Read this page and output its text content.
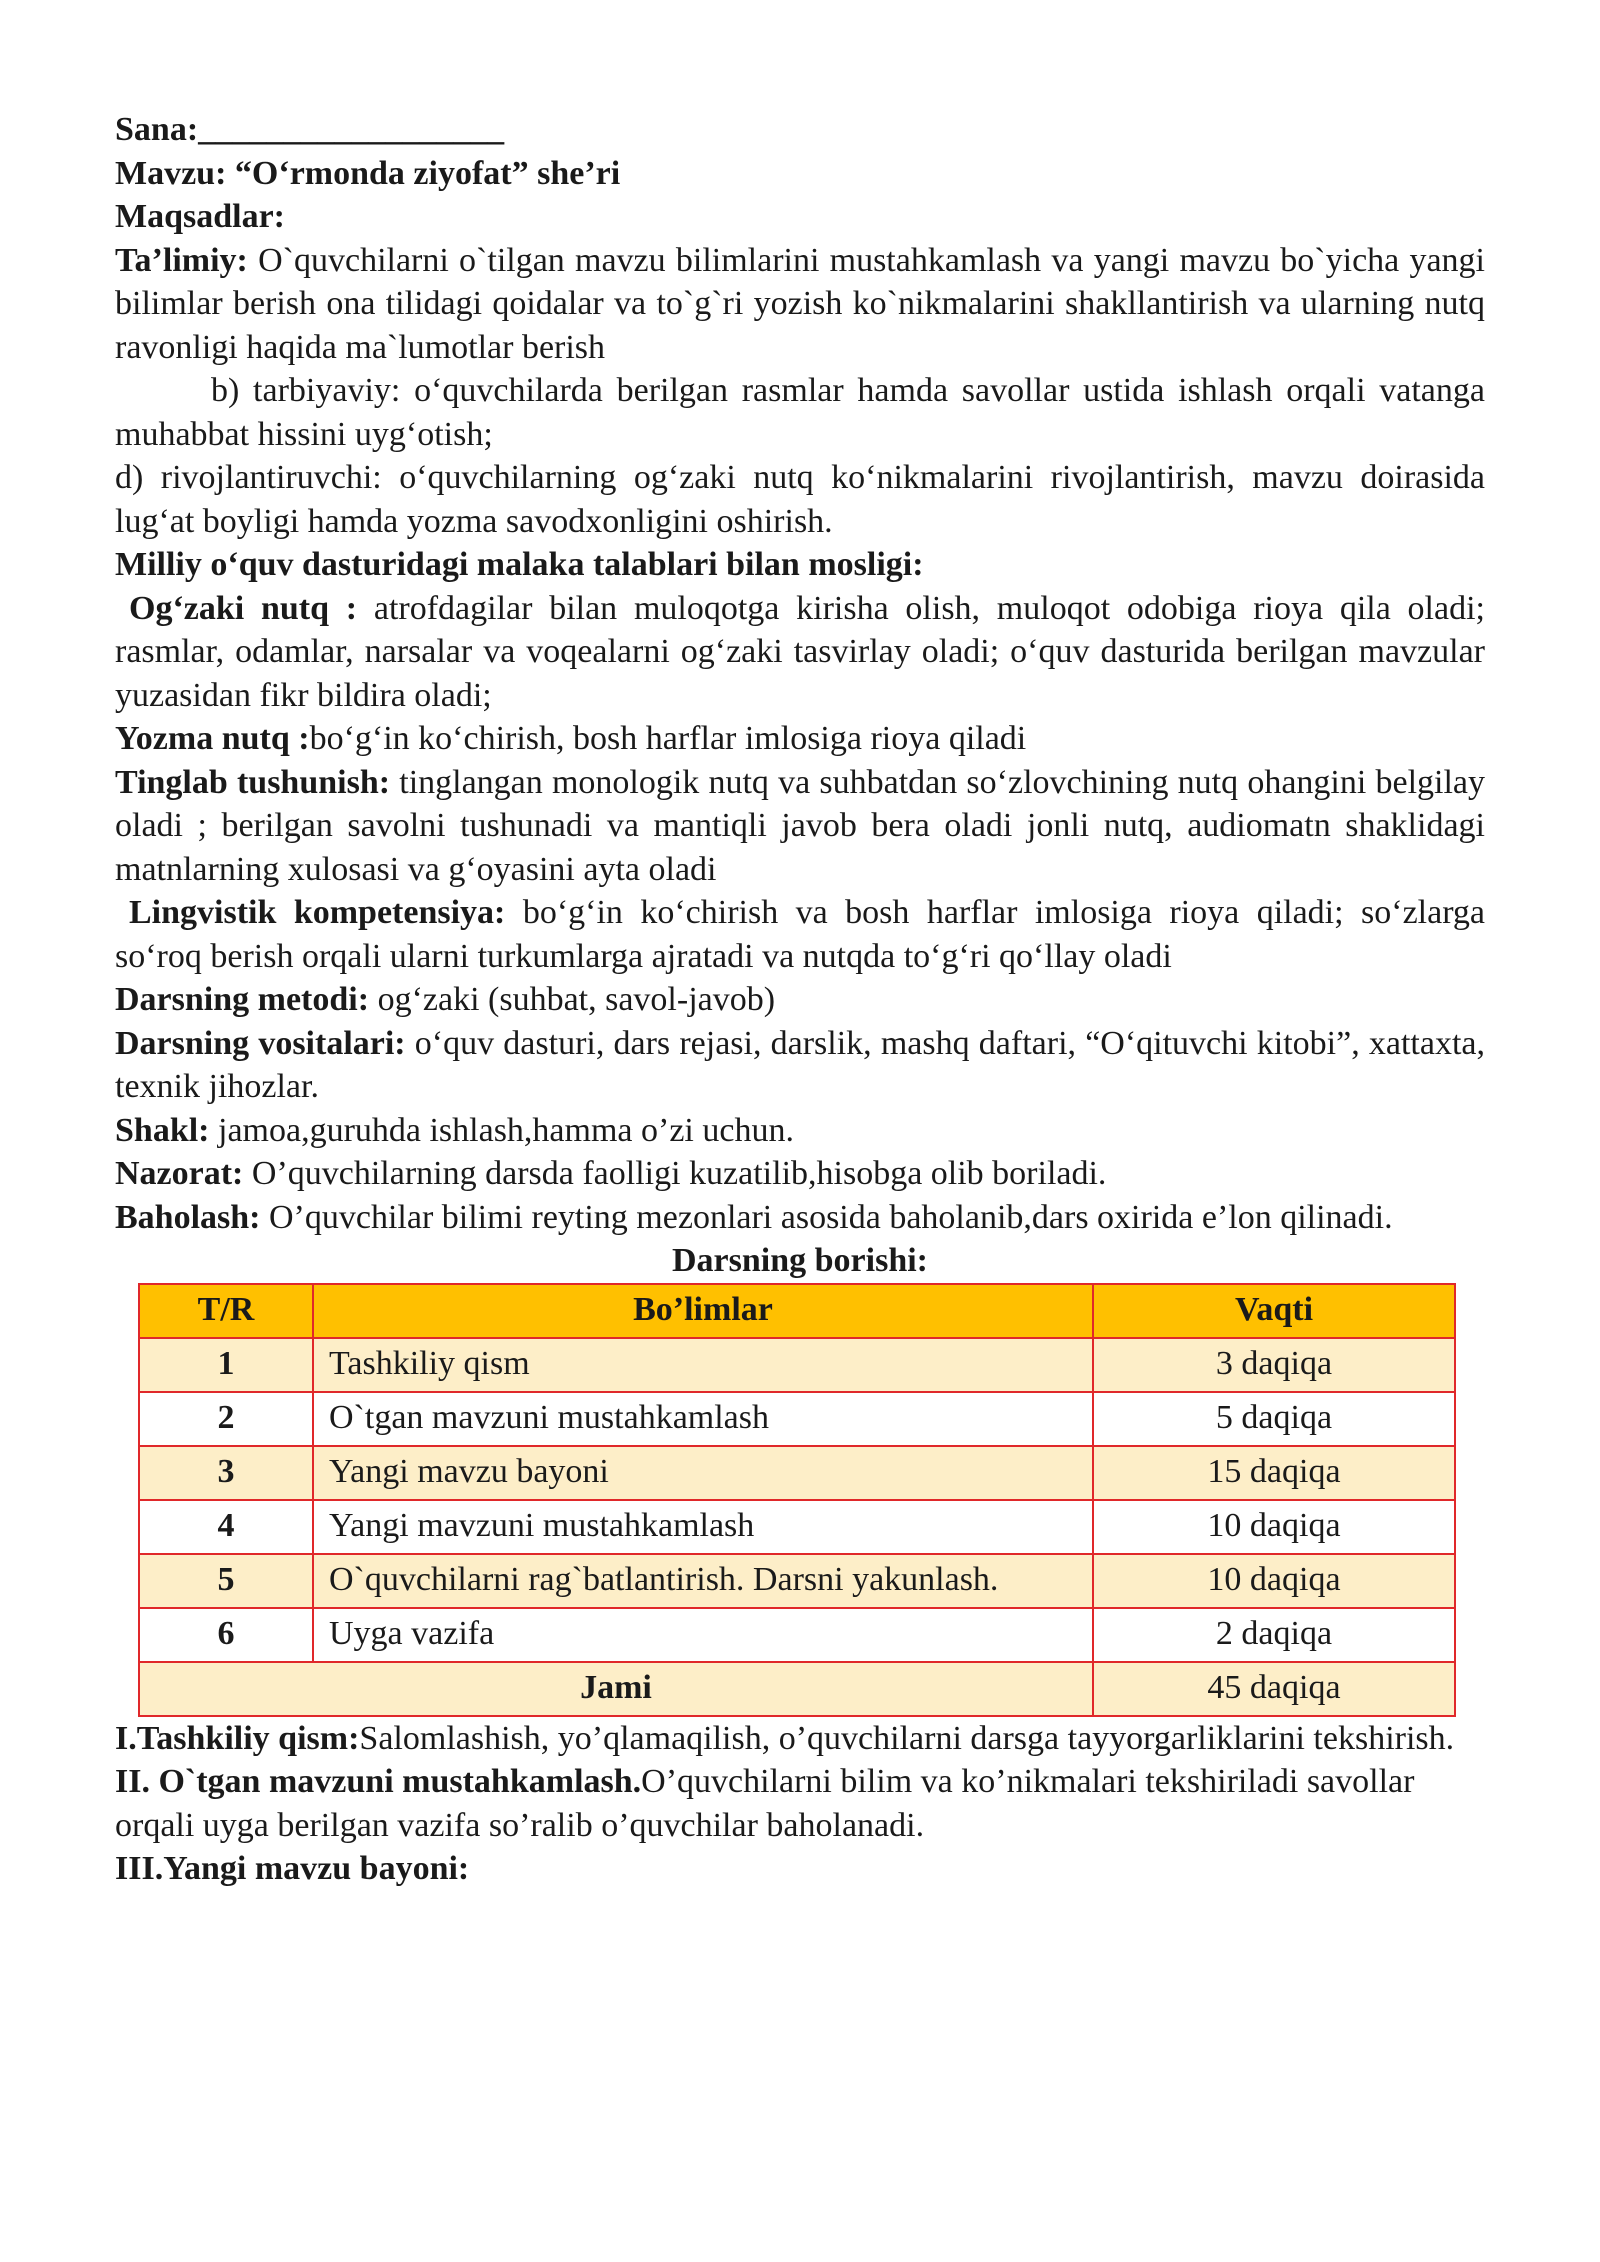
Sana:__________________

Mavzu: “O‘rmonda ziyofat” she’ri

Maqsadlar:

Ta’limiy: O`quvchilarni o`tilgan mavzu bilimlarini mustahkamlash va yangi mavzu bo`yicha yangi bilimlar berish ona tilidagi qoidalar va to`g`ri yozish ko`nikmalarini shakllantirish va ularning nutq ravonligi haqida ma`lumotlar berish

b) tarbiyaviy: o‘quvchilarda berilgan rasmlar hamda savollar ustida ishlash orqali vatanga muhabbat hissini uyg‘otish;

d) rivojlantiruvchi: o‘quvchilarning og‘zaki nutq ko‘nikmalarini rivojlantirish, mavzu doirasida lug‘at boyligi hamda yozma savodxonligini oshirish.

Milliy o‘quv dasturidagi malaka talablari bilan mosligi:

Og‘zaki nutq : atrofdagilar bilan muloqotga kirisha olish, muloqot odobiga rioya qila oladi; rasmlar, odamlar, narsalar va voqealarni og‘zaki tasvirlay oladi; o‘quv dasturida berilgan mavzular yuzasidan fikr bildira oladi;

Yozma nutq :bo‘g‘in ko‘chirish, bosh harflar imlosiga rioya qiladi

Tinglab tushunish: tinglangan monologik nutq va suhbatdan so‘zlovchining nutq ohangini belgilay oladi ; berilgan savolni tushunadi va mantiqli javob bera oladi jonli nutq, audiomatn shaklidagi matnlarning xulosasi va g‘oyasini ayta oladi

Lingvistik kompetensiya: bo‘g‘in ko‘chirish va bosh harflar imlosiga rioya qiladi; so‘zlarga so‘roq berish orqali ularni turkumlarga ajratadi va nutqda to‘g‘ri qo‘llay oladi

Darsning metodi: og‘zaki (suhbat, savol-javob)

Darsning vositalari: o‘quv dasturi, dars rejasi, darslik, mashq daftari, “O‘qituvchi kitobi”, xattaxta, texnik jihozlar.

Shakl: jamoa,guruhda ishlash,hamma o’zi uchun.

Nazorat: O’quvchilarning darsda faolligi kuzatilib,hisobga olib boriladi.

Baholash: O’quvchilar bilimi reyting mezonlari asosida baholanib,dars oxirida e’lon qilinadi.

Darsning borishi:

T/R	Bo’limlar	Vaqti
1	Tashkiliy qism	3 daqiqa
2	O`tgan mavzuni mustahkamlash	5 daqiqa
3	Yangi mavzu bayoni	15 daqiqa
4	Yangi mavzuni mustahkamlash	10 daqiqa
5	O`quvchilarni rag`batlantirish. Darsni yakunlash.	10 daqiqa
6	Uyga vazifa	2 daqiqa
Jami		45 daqiqa

I.Tashkiliy qism:Salomlashish, yo’qlamaqilish, o’quvchilarni darsga tayyorgarliklarini tekshirish.

II. O`tgan mavzuni mustahkamlash.O’quvchilarni bilim va ko’nikmalari tekshiriladi savollar orqali uyga berilgan vazifa so’ralib o’quvchilar baholanadi.

III.Yangi mavzu bayoni:
